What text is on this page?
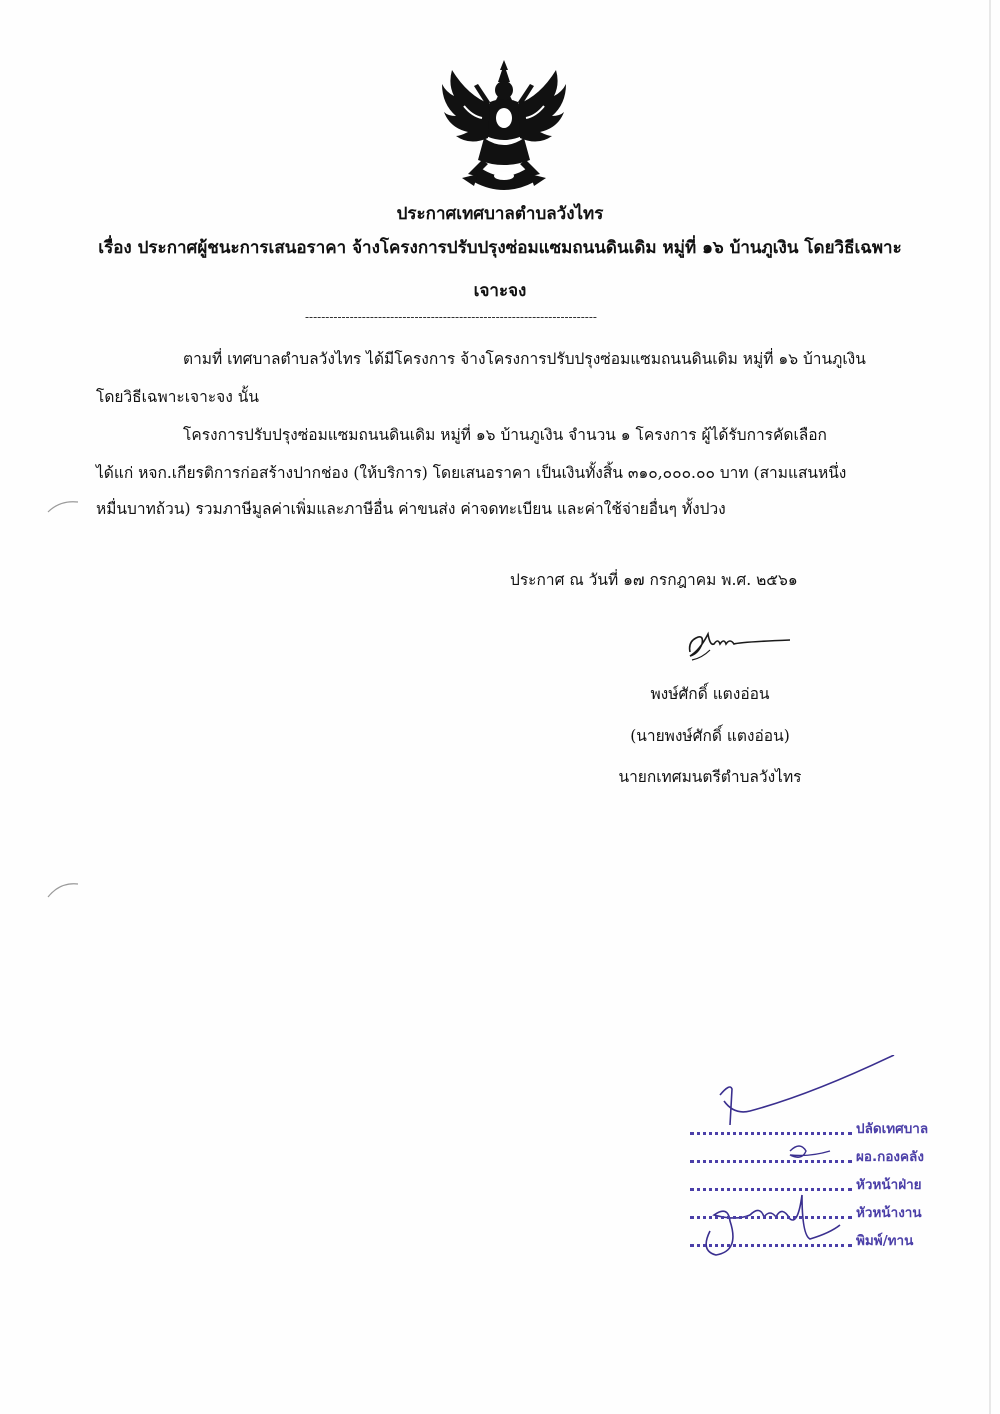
ประกาศเทศบาลตำบลวังไทร
เรื่อง ประกาศผู้ชนะการเสนอราคา จ้างโครงการปรับปรุงซ่อมแซมถนนดินเดิม หมู่ที่ ๑๖ บ้านภูเงิน โดยวิธีเฉพาะ
เจาะจง
------------------------------------------------------------------------
ตามที่ เทศบาลตำบลวังไทร ได้มีโครงการ จ้างโครงการปรับปรุงซ่อมแซมถนนดินเดิม หมู่ที่ ๑๖ บ้านภูเงิน
โดยวิธีเฉพาะเจาะจง นั้น
โครงการปรับปรุงซ่อมแซมถนนดินเดิม หมู่ที่ ๑๖ บ้านภูเงิน จำนวน ๑ โครงการ ผู้ได้รับการคัดเลือก
ได้แก่ หจก.เกียรติการก่อสร้างปากช่อง (ให้บริการ) โดยเสนอราคา เป็นเงินทั้งสิ้น ๓๑๐,๐๐๐.๐๐ บาท (สามแสนหนึ่ง
หมื่นบาทถ้วน) รวมภาษีมูลค่าเพิ่มและภาษีอื่น ค่าขนส่ง ค่าจดทะเบียน และค่าใช้จ่ายอื่นๆ ทั้งปวง
ประกาศ ณ วันที่ ๑๗ กรกฎาคม พ.ศ. ๒๕๖๑
พงษ์ศักดิ์ แตงอ่อน
(นายพงษ์ศักดิ์ แตงอ่อน)
นายกเทศมนตรีตำบลวังไทร
ปลัดเทศบาล
ผอ.กองคลัง
หัวหน้าฝ่าย
หัวหน้างาน
พิมพ์/ทาน
